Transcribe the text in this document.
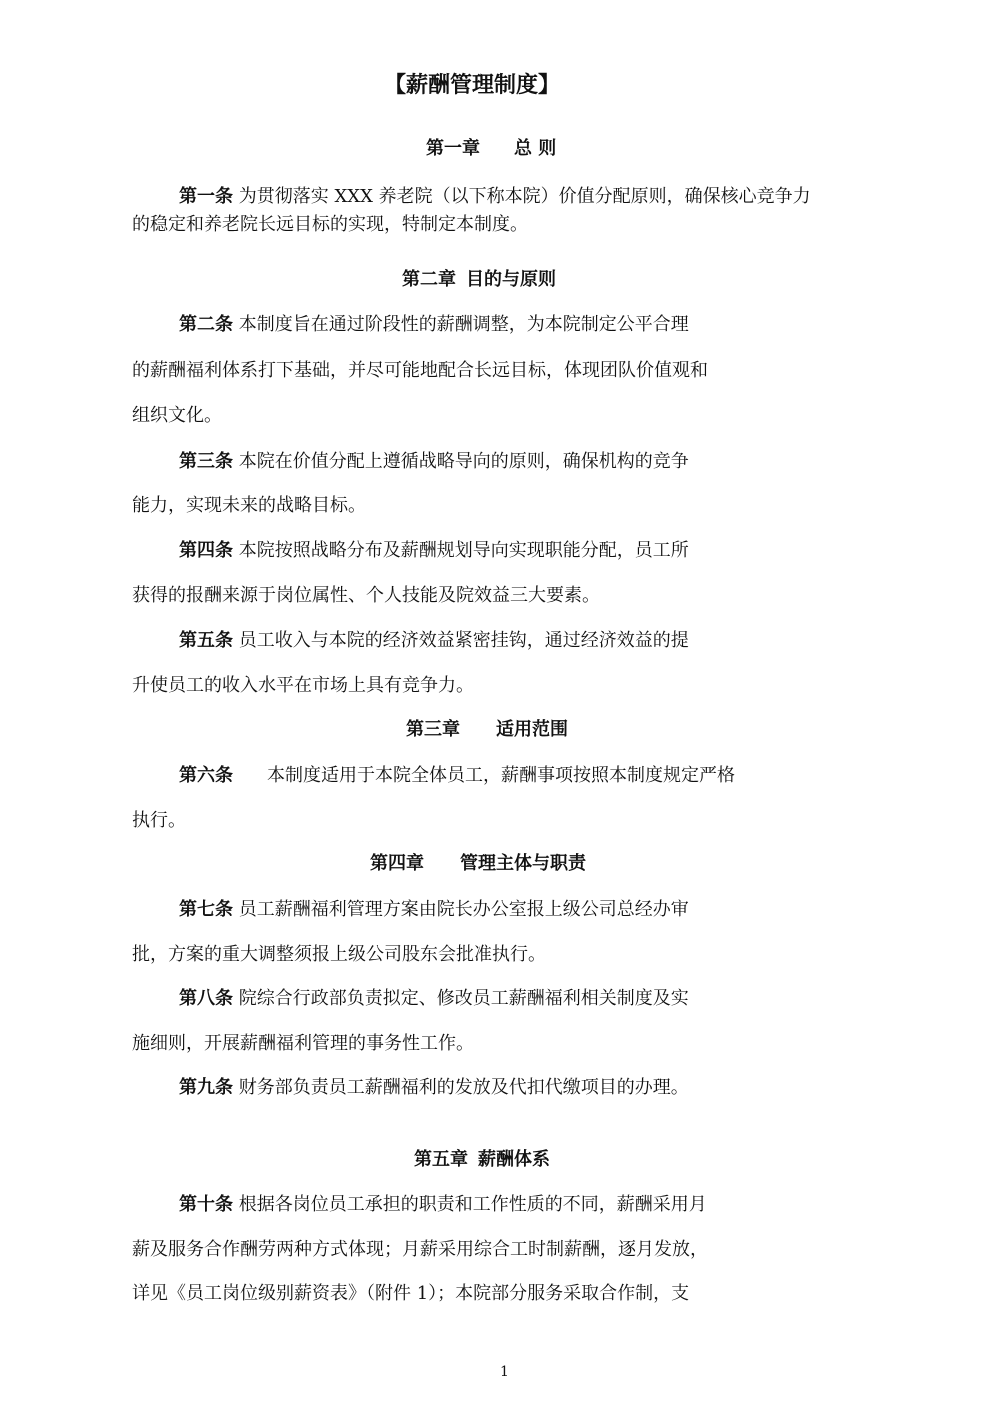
【薪酬管理制度】
第一章 总 则
第一条 为贯彻落实 XXX 养老院（以下称本院）价值分配原则，确保核心竞争力
的稳定和养老院长远目标的实现，特制定本制度。
第二章 目的与原则
第二条 本制度旨在通过阶段性的薪酬调整，为本院制定公平合理
的薪酬福利体系打下基础，并尽可能地配合长远目标，体现团队价值观和
组织文化。
第三条 本院在价值分配上遵循战略导向的原则，确保机构的竞争
能力，实现未来的战略目标。
第四条 本院按照战略分布及薪酬规划导向实现职能分配，员工所
获得的报酬来源于岗位属性、个人技能及院效益三大要素。
第五条 员工收入与本院的经济效益紧密挂钩，通过经济效益的提
升使员工的收入水平在市场上具有竞争力。
第三章 适用范围
第六条 本制度适用于本院全体员工，薪酬事项按照本制度规定严格
执行。
第四章 管理主体与职责
第七条 员工薪酬福利管理方案由院长办公室报上级公司总经办审
批，方案的重大调整须报上级公司股东会批准执行。
第八条 院综合行政部负责拟定、修改员工薪酬福利相关制度及实
施细则，开展薪酬福利管理的事务性工作。
第九条 财务部负责员工薪酬福利的发放及代扣代缴项目的办理。
第五章 薪酬体系
第十条 根据各岗位员工承担的职责和工作性质的不同，薪酬采用月
薪及服务合作酬劳两种方式体现；月薪采用综合工时制薪酬，逐月发放，
详见《员工岗位级别薪资表》（附件 1）；本院部分服务采取合作制，支
1
